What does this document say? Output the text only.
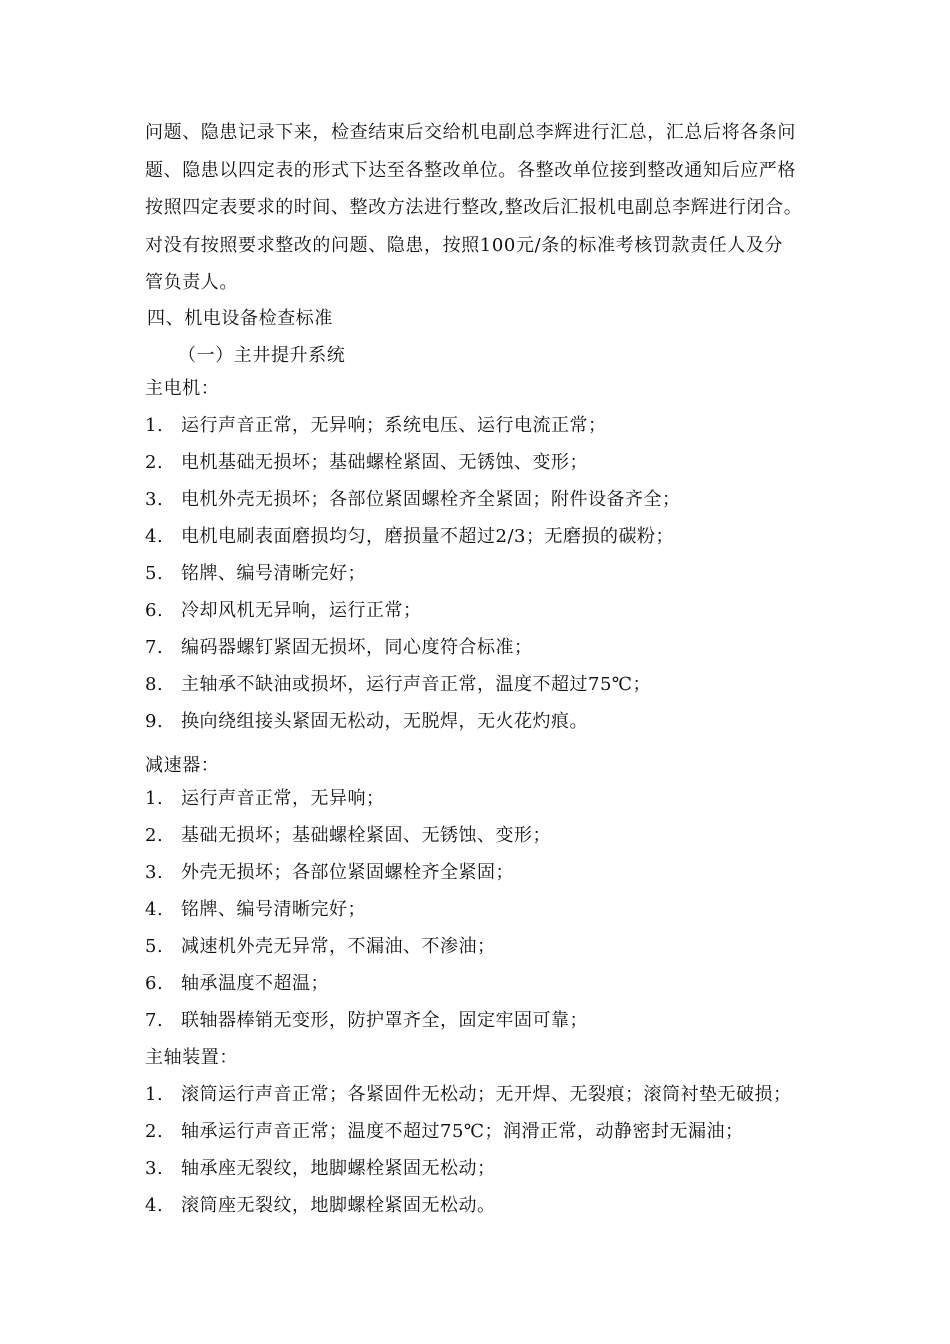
问题、隐患记录下来，检查结束后交给机电副总李辉进行汇总，汇总后将各条问
题、隐患以四定表的形式下达至各整改单位。各整改单位接到整改通知后应严格
按照四定表要求的时间、整改方法进行整改,整改后汇报机电副总李辉进行闭合。
对没有按照要求整改的问题、隐患，按照100元/条的标准考核罚款责任人及分
管负责人。
四、机电设备检查标准
（一）主井提升系统
主电机：
1. 运行声音正常，无异响；系统电压、运行电流正常；
2. 电机基础无损坏；基础螺栓紧固、无锈蚀、变形；
3. 电机外壳无损坏；各部位紧固螺栓齐全紧固；附件设备齐全；
4. 电机电刷表面磨损均匀，磨损量不超过2/3；无磨损的碳粉；
5. 铭牌、编号清晰完好；
6. 冷却风机无异响，运行正常；
7. 编码器螺钉紧固无损坏，同心度符合标准；
8. 主轴承不缺油或损坏，运行声音正常，温度不超过75℃；
9. 换向绕组接头紧固无松动，无脱焊，无火花灼痕。
减速器：
1. 运行声音正常，无异响；
2. 基础无损坏；基础螺栓紧固、无锈蚀、变形；
3. 外壳无损坏；各部位紧固螺栓齐全紧固；
4. 铭牌、编号清晰完好；
5. 减速机外壳无异常，不漏油、不渗油；
6. 轴承温度不超温；
7. 联轴器棒销无变形，防护罩齐全，固定牢固可靠；
主轴装置：
1. 滚筒运行声音正常；各紧固件无松动；无开焊、无裂痕；滚筒衬垫无破损；
2. 轴承运行声音正常；温度不超过75℃；润滑正常，动静密封无漏油；
3. 轴承座无裂纹，地脚螺栓紧固无松动；
4. 滚筒座无裂纹，地脚螺栓紧固无松动。
